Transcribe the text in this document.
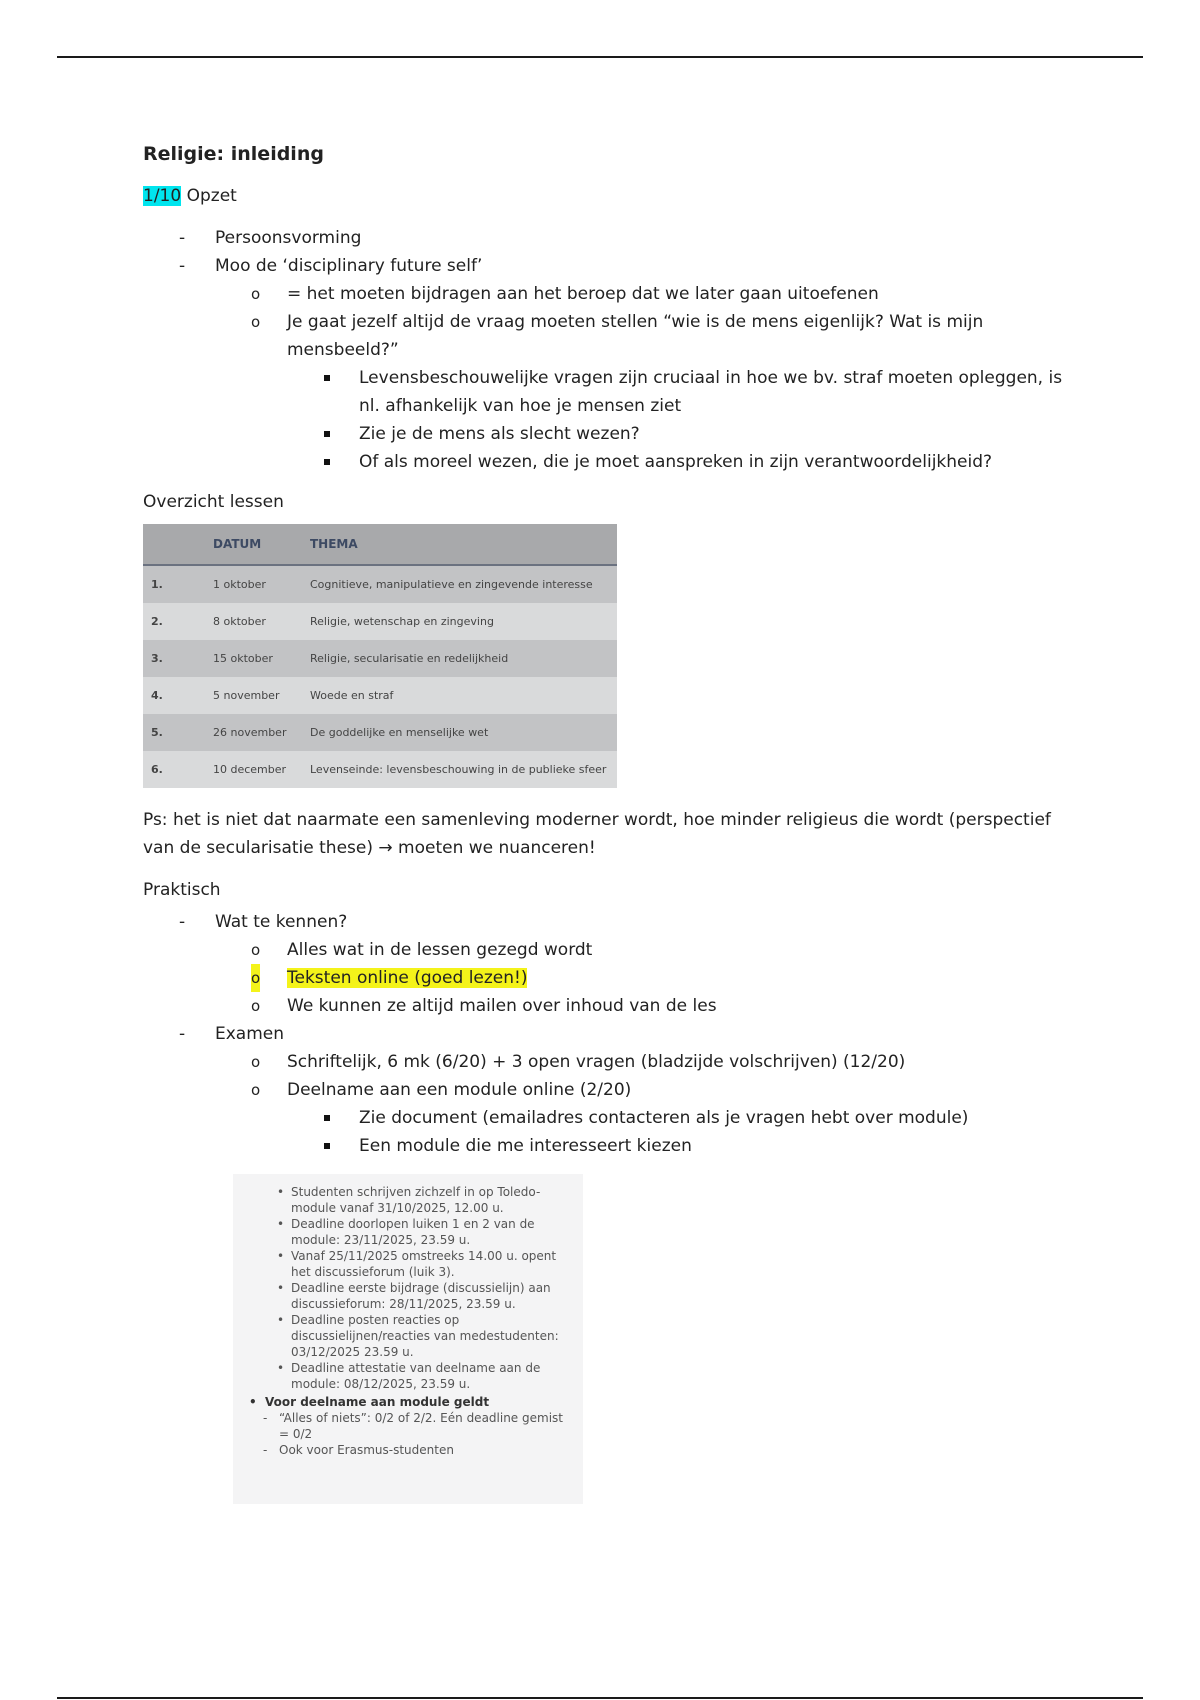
Religie: inleiding

1/10 Opzet

- Persoonsvorming
- Moo de ‘disciplinary future self’
o = het moeten bijdragen aan het beroep dat we later gaan uitoefenen
o Je gaat jezelf altijd de vraag moeten stellen “wie is de mens eigenlijk? Wat is mijn mensbeeld?”
Levensbeschouwelijke vragen zijn cruciaal in hoe we bv. straf moeten opleggen, is nl. afhankelijk van hoe je mensen ziet
Zie je de mens als slecht wezen?
Of als moreel wezen, die je moet aanspreken in zijn verantwoordelijkheid?

Overzicht lessen

	DATUM	THEMA
1.	1 oktober	Cognitieve, manipulatieve en zingevende interesse
2.	8 oktober	Religie, wetenschap en zingeving
3.	15 oktober	Religie, secularisatie en redelijkheid
4.	5 november	Woede en straf
5.	26 november	De goddelijke en menselijke wet
6.	10 december	Levenseinde: levensbeschouwing in de publieke sfeer

Ps: het is niet dat naarmate een samenleving moderner wordt, hoe minder religieus die wordt (perspectief van de secularisatie these) → moeten we nuanceren!

Praktisch

- Wat te kennen?
o Alles wat in de lessen gezegd wordt
o Teksten online (goed lezen!)
o We kunnen ze altijd mailen over inhoud van de les
- Examen
o Schriftelijk, 6 mk (6/20) + 3 open vragen (bladzijde volschrijven) (12/20)
o Deelname aan een module online (2/20)
Zie document (emailadres contacteren als je vragen hebt over module)
Een module die me interesseert kiezen
• Studenten schrijven zichzelf in op Toledo-module vanaf 31/10/2025, 12.00 u.
• Deadline doorlopen luiken 1 en 2 van de module: 23/11/2025, 23.59 u.
• Vanaf 25/11/2025 omstreeks 14.00 u. opent het discussieforum (luik 3).
• Deadline eerste bijdrage (discussielijn) aan discussieforum: 28/11/2025, 23.59 u.
• Deadline posten reacties op discussielijnen/reacties van medestudenten: 03/12/2025 23.59 u.
• Deadline attestatie van deelname aan de module: 08/12/2025, 23.59 u.
• Voor deelname aan module geldt
- “Alles of niets”: 0/2 of 2/2. Eén deadline gemist = 0/2
- Ook voor Erasmus-studenten
